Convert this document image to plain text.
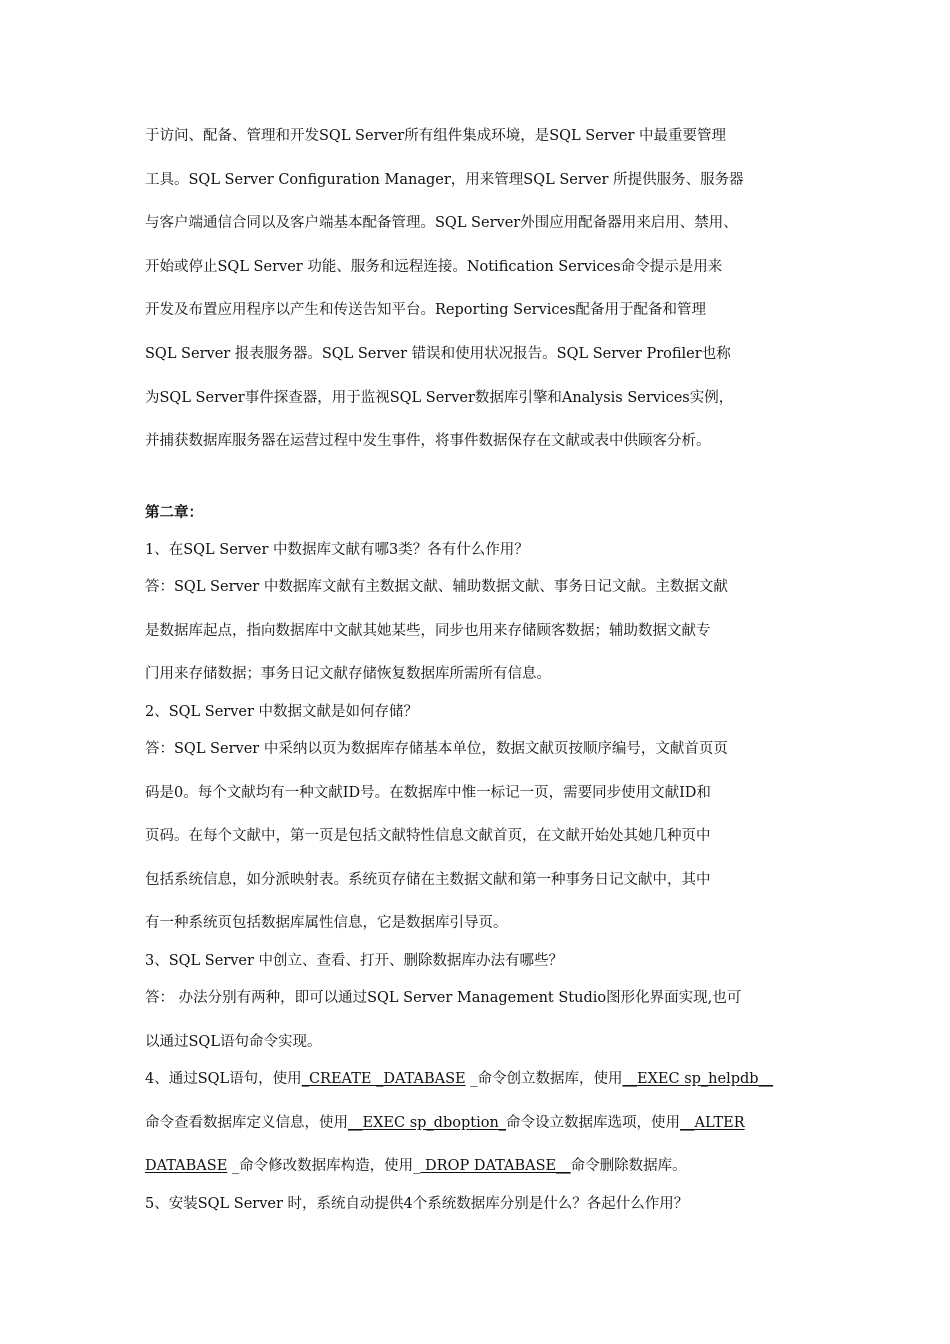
于访问、配备、管理和开发SQL Server所有组件集成环境，是SQL Server 中最重要管理
工具。SQL Server Configuration Manager，用来管理SQL Server 所提供服务、服务器
与客户端通信合同以及客户端基本配备管理。SQL Server外围应用配备器用来启用、禁用、
开始或停止SQL Server 功能、服务和远程连接。Notification Services命令提示是用来
开发及布置应用程序以产生和传送告知平台。Reporting Services配备用于配备和管理
SQL Server 报表服务器。SQL Server 错误和使用状况报告。SQL Server Profiler也称
为SQL Server事件探查器，用于监视SQL Server数据库引擎和Analysis Services实例，
并捕获数据库服务器在运营过程中发生事件，将事件数据保存在文献或表中供顾客分析。
第二章：
1、在SQL Server 中数据库文献有哪3类？各有什么作用？
答：SQL Server 中数据库文献有主数据文献、辅助数据文献、事务日记文献。主数据文献
是数据库起点，指向数据库中文献其她某些，同步也用来存储顾客数据；辅助数据文献专
门用来存储数据；事务日记文献存储恢复数据库所需所有信息。
2、SQL Server 中数据文献是如何存储？
答：SQL Server 中采纳以页为数据库存储基本单位，数据文献页按顺序编号，文献首页页
码是0。每个文献均有一种文献ID号。在数据库中惟一标记一页，需要同步使用文献ID和
页码。在每个文献中，第一页是包括文献特性信息文献首页，在文献开始处其她几种页中
包括系统信息，如分派映射表。系统页存储在主数据文献和第一种事务日记文献中，其中
有一种系统页包括数据库属性信息，它是数据库引导页。
3、SQL Server 中创立、查看、打开、删除数据库办法有哪些？
答： 办法分别有两种，即可以通过SQL Server Management Studio图形化界面实现,也可
以通过SQL语句命令实现。
4、通过SQL语句，使用_CREATE _DATABASE _命令创立数据库，使用__EXEC sp_helpdb__
命令查看数据库定义信息，使用__EXEC sp_dboption_命令设立数据库选项，使用__ALTER
DATABASE _命令修改数据库构造，使用_ DROP DATABASE__命令删除数据库。
5、安装SQL Server 时，系统自动提供4个系统数据库分别是什么？各起什么作用？
